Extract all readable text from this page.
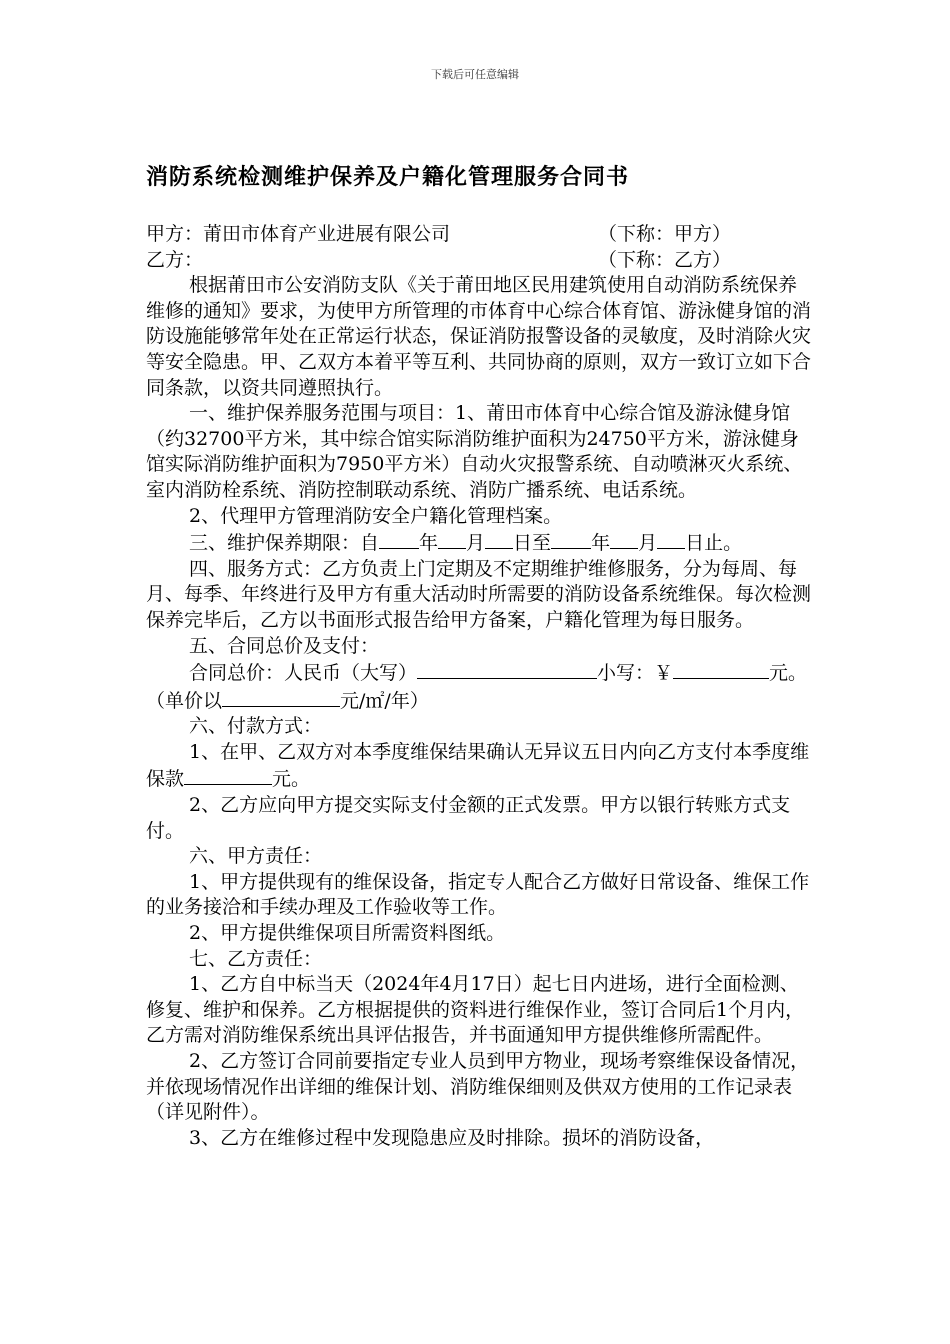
下载后可任意编辑
消防系统检测维护保养及户籍化管理服务合同书
甲方：莆田市体育产业进展有限公司	（下称：甲方）
乙方：	（下称：乙方）

根据莆田市公安消防支队《关于莆田地区民用建筑使用自动消防系统保养维修的通知》要求，为使甲方所管理的市体育中心综合体育馆、游泳健身馆的消防设施能够常年处在正常运行状态，保证消防报警设备的灵敏度，及时消除火灾等安全隐患。甲、乙双方本着平等互利、共同协商的原则，双方一致订立如下合同条款，以资共同遵照执行。

一、维护保养服务范围与项目：1、莆田市体育中心综合馆及游泳健身馆（约32700平方米，其中综合馆实际消防维护面积为24750平方米，游泳健身馆实际消防维护面积为7950平方米）自动火灾报警系统、自动喷淋灭火系统、室内消防栓系统、消防控制联动系统、消防广播系统、电话系统。

2、代理甲方管理消防安全户籍化管理档案。

三、维护保养期限：自 年 月 日至 年 月 日止。

四、服务方式：乙方负责上门定期及不定期维护维修服务，分为每周、每月、每季、年终进行及甲方有重大活动时所需要的消防设备系统维保。每次检测保养完毕后，乙方以书面形式报告给甲方备案，户籍化管理为每日服务。

五、合同总价及支付：

合同总价：人民币（大写）	小写：￥	元。（单价以	元/㎡/年）

六、付款方式：

1、在甲、乙双方对本季度维保结果确认无异议五日内向乙方支付本季度维保款	元。

2、乙方应向甲方提交实际支付金额的正式发票。甲方以银行转账方式支付。

六、甲方责任：

1、甲方提供现有的维保设备，指定专人配合乙方做好日常设备、维保工作的业务接洽和手续办理及工作验收等工作。

2、甲方提供维保项目所需资料图纸。

七、乙方责任：

1、乙方自中标当天（2024年4月17日）起七日内进场，进行全面检测、修复、维护和保养。乙方根据提供的资料进行维保作业，签订合同后1个月内，乙方需对消防维保系统出具评估报告，并书面通知甲方提供维修所需配件。

2、乙方签订合同前要指定专业人员到甲方物业，现场考察维保设备情况，并依现场情况作出详细的维保计划、消防维保细则及供双方使用的工作记录表（详见附件）。

3、乙方在维修过程中发现隐患应及时排除。损坏的消防设备，
